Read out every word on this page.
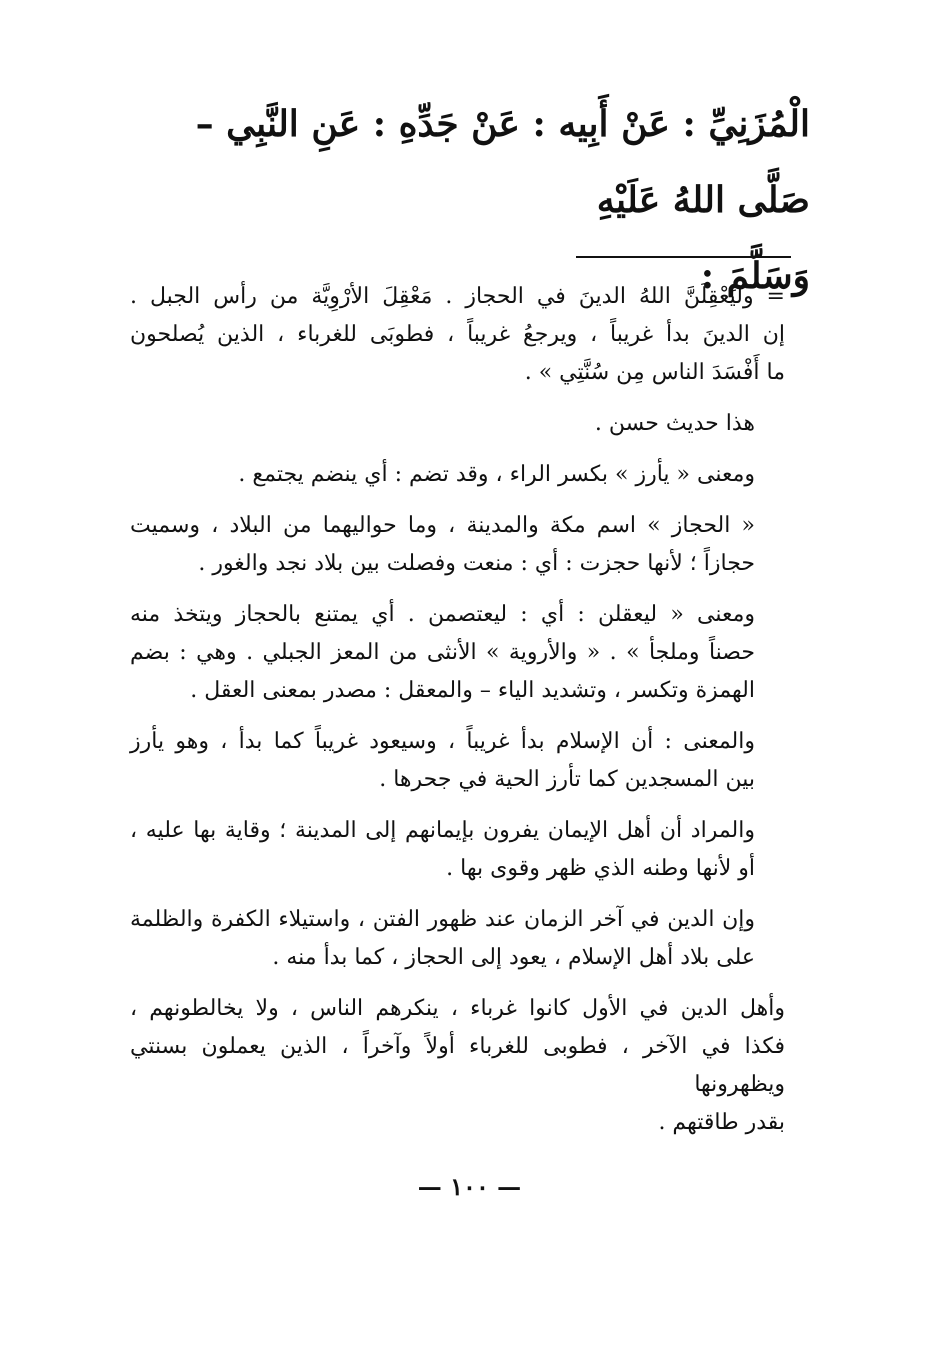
الْمُزَنِيِّ : عَنْ أَبِيه : عَنْ جَدِّهِ : عَنِ النَّبِي – صَلَّى اللهُ عَلَيْهِ
وَسَلَّمَ :

= وليَعْقِلَنَّ اللهُ الدينَ في الحجاز . مَعْقِلَ الأرْوِيَّة من رأس الجبل .
إن الدينَ بدأ غريباً ، ويرجعُ غريباً ، فطوبَى للغرباء ، الذين يُصلحون
ما أَفْسَدَ الناس مِن سُنَّتِي » .

هذا حديث حسن .

ومعنى « يأرز » بكسر الراء ، وقد تضم : أي ينضم يجتمع .

« الحجاز » اسم مكة والمدينة ، وما حواليهما من البلاد ، وسميت
حجازاً ؛ لأنها حجزت : أي : منعت وفصلت بين بلاد نجد والغور .

ومعنى « ليعقلن : أي : ليعتصمن . أي يمتنع بالحجاز ويتخذ منه
حصناً وملجأ » . « والأروية » الأنثى من المعز الجبلي . وهي : بضم
الهمزة وتكسر ، وتشديد الياء – والمعقل : مصدر بمعنى العقل .

والمعنى : أن الإسلام بدأ غريباً ، وسيعود غريباً كما بدأ ، وهو يأرز
بين المسجدين كما تأرز الحية في جحرها .

والمراد أن أهل الإيمان يفرون بإيمانهم إلى المدينة ؛ وقاية بها عليه ،
أو لأنها وطنه الذي ظهر وقوى بها .

وإن الدين في آخر الزمان عند ظهور الفتن ، واستيلاء الكفرة والظلمة
على بلاد أهل الإسلام ، يعود إلى الحجاز ، كما بدأ منه .

وأهل الدين في الأول كانوا غرباء ، ينكرهم الناس ، ولا يخالطونهم ،
فكذا في الآخر ، فطوبى للغرباء أولاً وآخراً ، الذين يعملون بسنتي ويظهرونها
بقدر طاقتهم .

— ١٠٠ —
